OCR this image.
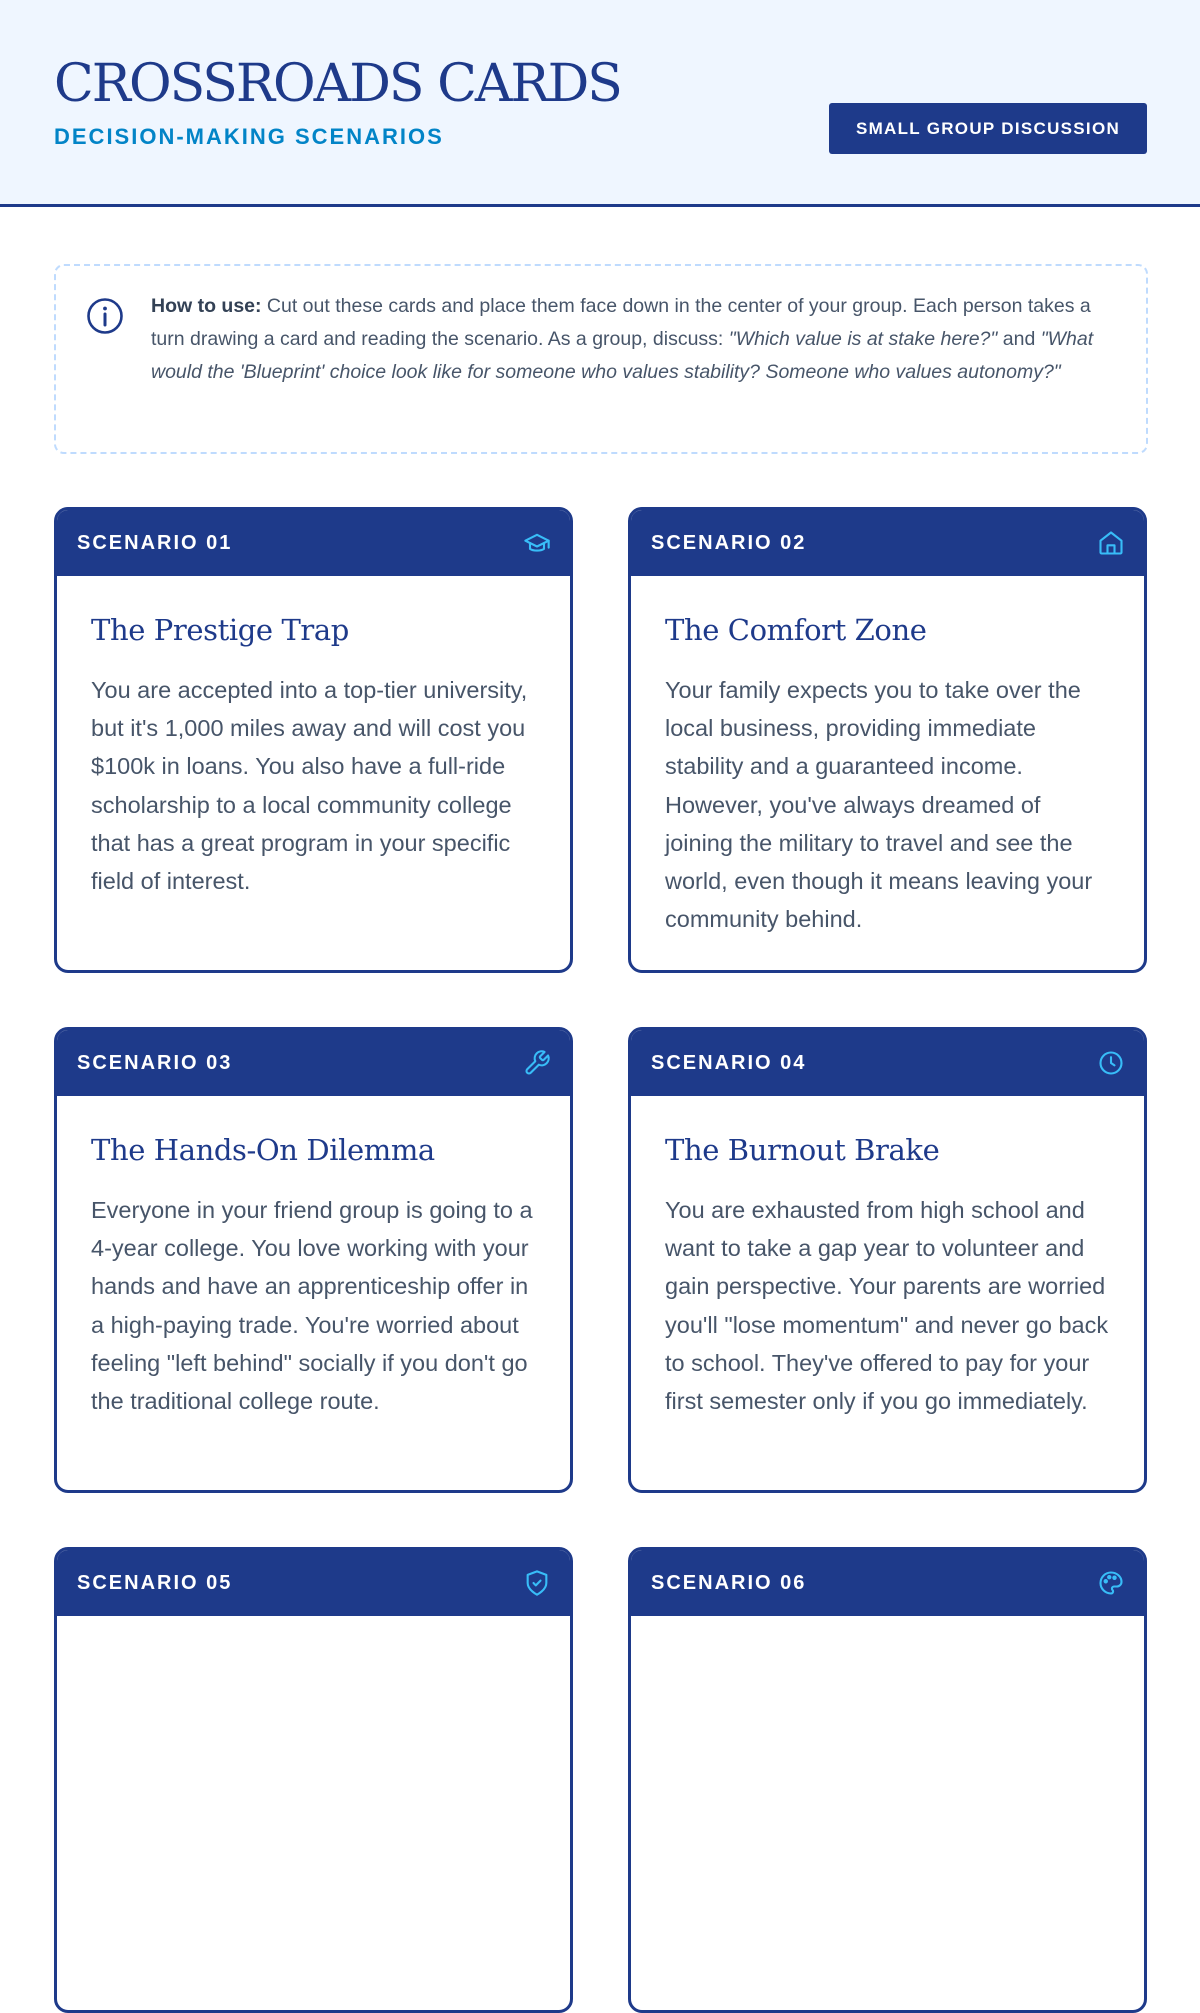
CROSSROADS CARDS
DECISION-MAKING SCENARIOS	SMALL GROUP DISCUSSION
How to use: Cut out these cards and place them face down in the center of your group. Each person takes a turn drawing a card and reading the scenario. As a group, discuss: "Which value is at stake here?" and "What would the 'Blueprint' choice look like for someone who values stability? Someone who values autonomy?"
SCENARIO 01
The Prestige Trap

You are accepted into a top-tier university, but it's 1,000 miles away and will cost you $100k in loans. You also have a full-ride scholarship to a local community college that has a great program in your specific field of interest.

SCENARIO 02
The Comfort Zone

Your family expects you to take over the local business, providing immediate stability and a guaranteed income. However, you've always dreamed of joining the military to travel and see the world, even though it means leaving your community behind.

SCENARIO 03
The Hands-On Dilemma

Everyone in your friend group is going to a 4-year college. You love working with your hands and have an apprenticeship offer in a high-paying trade. You're worried about feeling "left behind" socially if you don't go the traditional college route.

SCENARIO 04
The Burnout Brake

You are exhausted from high school and want to take a gap year to volunteer and gain perspective. Your parents are worried you'll "lose momentum" and never go back to school. They've offered to pay for your first semester only if you go immediately.

SCENARIO 05	SCENARIO 06
